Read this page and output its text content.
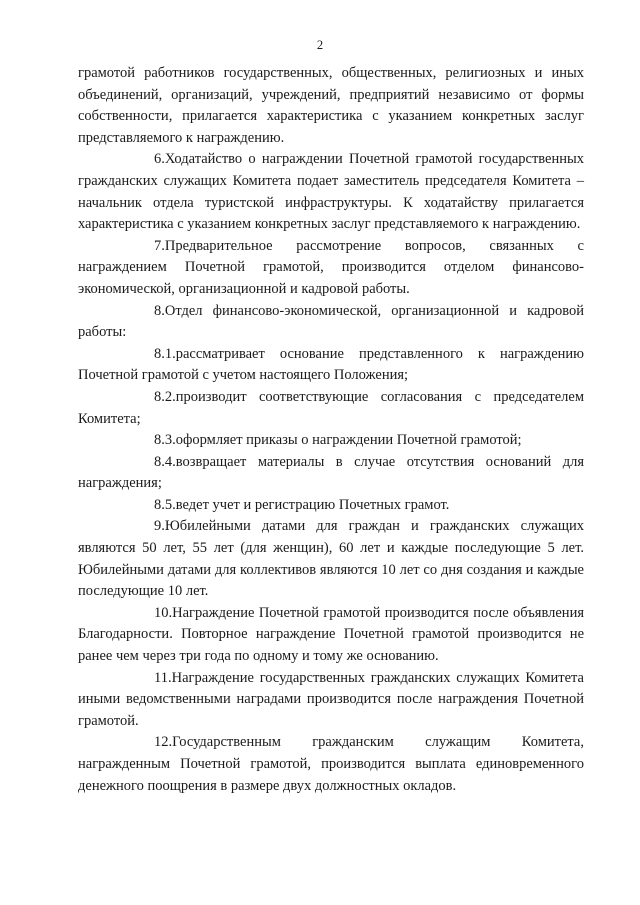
2

грамотой работников государственных, общественных, религиозных и иных объединений, организаций, учреждений, предприятий независимо от формы собственности, прилагается характеристика с указанием конкретных заслуг представляемого к награждению.

6.Ходатайство о награждении Почетной грамотой государственных гражданских служащих Комитета подает заместитель председателя Комитета – начальник отдела туристской инфраструктуры. К ходатайству прилагается характеристика с указанием конкретных заслуг представляемого к награждению.

7.Предварительное рассмотрение вопросов, связанных с награждением Почетной грамотой, производится отделом финансово-экономической, организационной и кадровой работы.

8.Отдел финансово-экономической, организационной и кадровой работы:

8.1.рассматривает основание представленного к награждению Почетной грамотой с учетом настоящего Положения;

8.2.производит соответствующие согласования с председателем Комитета;

8.3.оформляет приказы о награждении Почетной грамотой;

8.4.возвращает материалы в случае отсутствия оснований для награждения;

8.5.ведет учет и регистрацию Почетных грамот.

9.Юбилейными датами для граждан и гражданских служащих являются 50 лет, 55 лет (для женщин), 60 лет и каждые последующие 5 лет. Юбилейными датами для коллективов являются 10 лет со дня создания и каждые последующие 10 лет.

10.Награждение Почетной грамотой производится после объявления Благодарности. Повторное награждение Почетной грамотой производится не ранее чем через три года по одному и тому же основанию.

11.Награждение государственных гражданских служащих Комитета иными ведомственными наградами производится после награждения Почетной грамотой.

12.Государственным гражданским служащим Комитета, награжденным Почетной грамотой, производится выплата единовременного денежного поощрения в размере двух должностных окладов.
